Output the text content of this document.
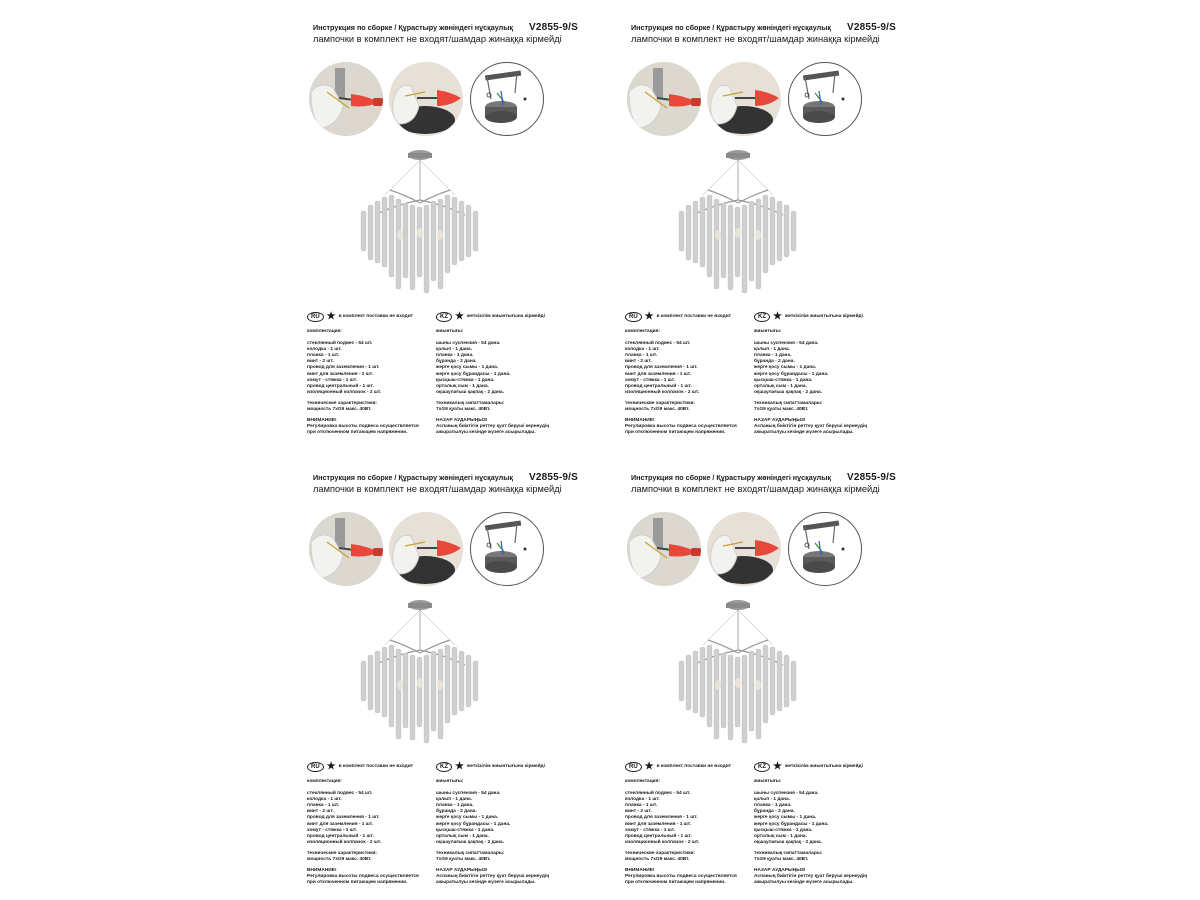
Инструкция по сборке / Құрастыру жөніндегі нұсқаулық V2855-9/S
лампочки в комплект не входят/шамдар жинаққа кірмейді
RU ★ в комплект поставки не входит
комплектация:
стеклянный подвес - 54 шт.
колодка - 1 шт.
планка - 1 шт.
винт - 2 шт.
провод для заземления - 1 шт.
винт для заземления - 1 шт.
хомут - стяжка - 1 шт.
провод центральный - 1 шт.
изоляционный колпачок - 2 шт.
технические характеристики:
мощность 7xG9 макс. 40Вт.
ВНИМАНИЕ!
Регулировка высоты подвеса осуществляется
при отключенном питающем напряжении.
KZ ★ жеткізілім жиынтығына кірмейді
жиынтығы:
шыны суспензия - 54 дана.
қалып - 1 дана.
планка - 1 дана.
бұранда - 2 дана.
жерге қосу сымы - 1 дана.
жерге қосу бұрандасы - 1 дана.
қысқыш-стяжка - 1 дана.
орталық сым - 1 дана.
оқшаулағыш қақпақ - 2 дана.
техникалық сипаттамалары:
7xG9 қуаты макс. 40Вт.
НАЗАР АУДАРЫҢЫЗ!
Аспаның биіктігін реттеу қуат беруші кернеудің
ажыратылуы кезінде жүзеге асырылады.
Инструкция по сборке / Құрастыру жөніндегі нұсқаулық V2855-9/S
лампочки в комплект не входят/шамдар жинаққа кірмейді
RU ★ в комплект поставки не входит
комплектация:
стеклянный подвес - 54 шт.
колодка - 1 шт.
планка - 1 шт.
винт - 2 шт.
провод для заземления - 1 шт.
винт для заземления - 1 шт.
хомут - стяжка - 1 шт.
провод центральный - 1 шт.
изоляционный колпачок - 2 шт.
технические характеристики:
мощность 7xG9 макс. 40Вт.
ВНИМАНИЕ!
Регулировка высоты подвеса осуществляется
при отключенном питающем напряжении.
KZ ★ жеткізілім жиынтығына кірмейді
жиынтығы:
шыны суспензия - 54 дана.
қалып - 1 дана.
планка - 1 дана.
бұранда - 2 дана.
жерге қосу сымы - 1 дана.
жерге қосу бұрандасы - 1 дана.
қысқыш-стяжка - 1 дана.
орталық сым - 1 дана.
оқшаулағыш қақпақ - 2 дана.
техникалық сипаттамалары:
7xG9 қуаты макс. 40Вт.
НАЗАР АУДАРЫҢЫЗ!
Аспаның биіктігін реттеу қуат беруші кернеудің
ажыратылуы кезінде жүзеге асырылады.
Инструкция по сборке / Құрастыру жөніндегі нұсқаулық V2855-9/S
лампочки в комплект не входят/шамдар жинаққа кірмейді
RU ★ в комплект поставки не входит
комплектация:
стеклянный подвес - 54 шт.
колодка - 1 шт.
планка - 1 шт.
винт - 2 шт.
провод для заземления - 1 шт.
винт для заземления - 1 шт.
хомут - стяжка - 1 шт.
провод центральный - 1 шт.
изоляционный колпачок - 2 шт.
технические характеристики:
мощность 7xG9 макс. 40Вт.
ВНИМАНИЕ!
Регулировка высоты подвеса осуществляется
при отключенном питающем напряжении.
KZ ★ жеткізілім жиынтығына кірмейді
жиынтығы:
шыны суспензия - 54 дана.
қалып - 1 дана.
планка - 1 дана.
бұранда - 2 дана.
жерге қосу сымы - 1 дана.
жерге қосу бұрандасы - 1 дана.
қысқыш-стяжка - 1 дана.
орталық сым - 1 дана.
оқшаулағыш қақпақ - 2 дана.
техникалық сипаттамалары:
7xG9 қуаты макс. 40Вт.
НАЗАР АУДАРЫҢЫЗ!
Аспаның биіктігін реттеу қуат беруші кернеудің
ажыратылуы кезінде жүзеге асырылады.
Инструкция по сборке / Құрастыру жөніндегі нұсқаулық V2855-9/S
лампочки в комплект не входят/шамдар жинаққа кірмейді
RU ★ в комплект поставки не входит
комплектация:
стеклянный подвес - 54 шт.
колодка - 1 шт.
планка - 1 шт.
винт - 2 шт.
провод для заземления - 1 шт.
винт для заземления - 1 шт.
хомут - стяжка - 1 шт.
провод центральный - 1 шт.
изоляционный колпачок - 2 шт.
технические характеристики:
мощность 7xG9 макс. 40Вт.
ВНИМАНИЕ!
Регулировка высоты подвеса осуществляется
при отключенном питающем напряжении.
KZ ★ жеткізілім жиынтығына кірмейді
жиынтығы:
шыны суспензия - 54 дана.
қалып - 1 дана.
планка - 1 дана.
бұранда - 2 дана.
жерге қосу сымы - 1 дана.
жерге қосу бұрандасы - 1 дана.
қысқыш-стяжка - 1 дана.
орталық сым - 1 дана.
оқшаулағыш қақпақ - 2 дана.
техникалық сипаттамалары:
7xG9 қуаты макс. 40Вт.
НАЗАР АУДАРЫҢЫЗ!
Аспаның биіктігін реттеу қуат беруші кернеудің
ажыратылуы кезінде жүзеге асырылады.
